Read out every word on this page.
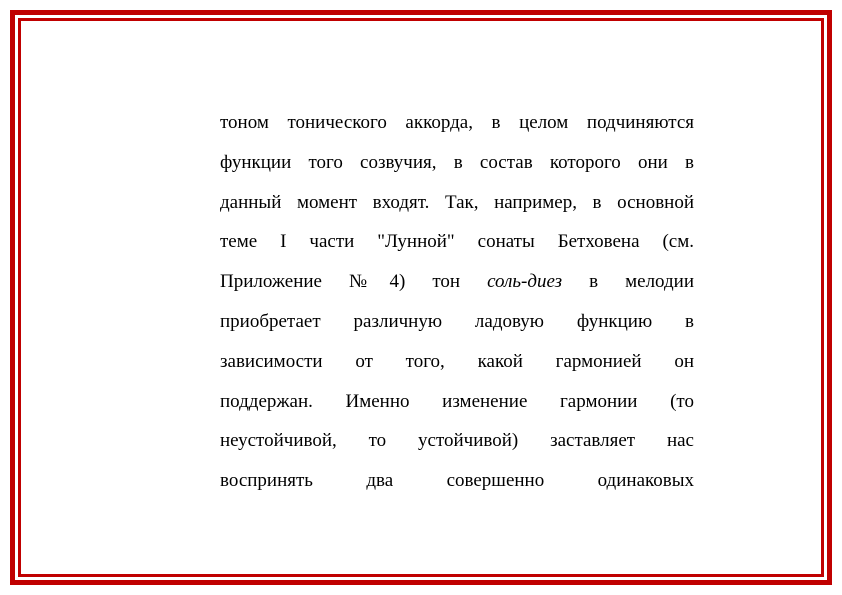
тоном тонического аккорда, в целом подчиняются
функции того созвучия, в состав которого они в
данный момент входят. Так, например, в основной
теме I части "Лунной" сонаты Бетховена (см.
Приложение №4) тон соль-диез в мелодии
приобретает различную ладовую функцию в
зависимости от того, какой гармонией он
поддержан. Именно изменение гармонии (то
неустойчивой, то устойчивой) заставляет нас
воспринять два совершенно одинаковых
